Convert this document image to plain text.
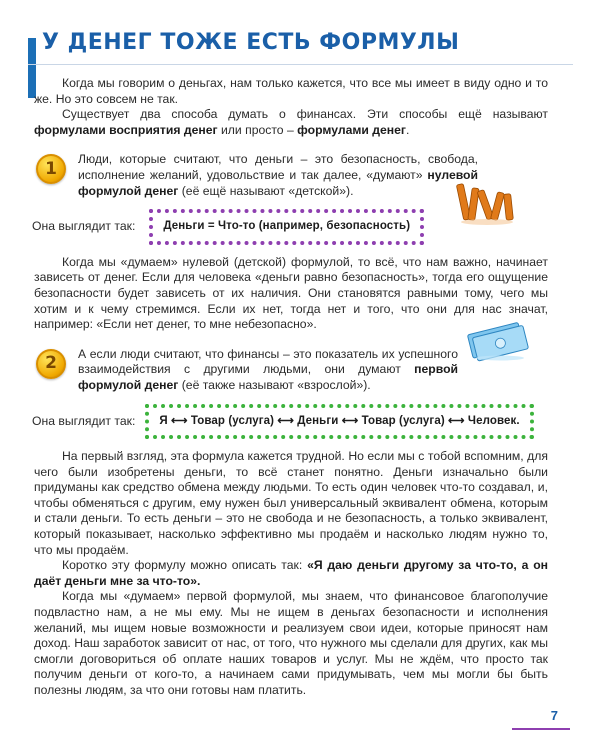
У ДЕНЕГ ТОЖЕ ЕСТЬ ФОРМУЛЫ

Когда мы говорим о деньгах, нам только кажется, что все мы имеет в виду одно и то же. Но это совсем не так.

Существует два способа думать о финансах. Эти способы ещё называют формулами восприятия денег или просто – формулами денег.

1	Люди, которые считают, что деньги – это безопасность, свобода, исполнение желаний, удовольствие и так далее, «думают» нулевой формулой денег (её ещё называют «детской»).

Она выглядит так:	Деньги = Что-то (например, безопасность)

Когда мы «думаем» нулевой (детской) формулой, то всё, что нам важно, начинает зависеть от денег. Если для человека «деньги равно безопасность», тогда его ощущение безопасности будет зависеть от их наличия. Они становятся равными тому, чего мы хотим и к чему стремимся. Если их нет, тогда нет и того, что они для нас значат, например: «Если нет денег, то мне небезопасно».

2	А если люди считают, что финансы – это показатель их успешного взаимодействия с другими людьми, они думают первой формулой денег (её также называют «взрослой»).

Она выглядит так:	Я ⟷ Товар (услуга) ⟷ Деньги ⟷ Товар (услуга) ⟷ Человек.

На первый взгляд, эта формула кажется трудной. Но если мы с тобой вспомним, для чего были изобретены деньги, то всё станет понятно. Деньги изначально были придуманы как средство обмена между людьми. То есть один человек что-то создавал, и, чтобы обменяться с другим, ему нужен был универсальный эквивалент обмена, которым и стали деньги. То есть деньги – это не свобода и не безопасность, а только эквивалент, который показывает, насколько эффективно мы продаём и насколько людям нужно то, что мы продаём.

Коротко эту формулу можно описать так: «Я даю деньги другому за что-то, а он даёт деньги мне за что-то».

Когда мы «думаем» первой формулой, мы знаем, что финансовое благополучие подвластно нам, а не мы ему. Мы не ищем в деньгах безопасности и исполнения желаний, мы ищем новые возможности и реализуем свои идеи, которые приносят нам доход. Наш заработок зависит от нас, от того, что нужного мы сделали для других, как мы смогли договориться об оплате наших товаров и услуг. Мы не ждём, что просто так получим деньги от кого-то, а начинаем сами придумывать, чем мы могли бы быть полезны людям, за что они готовы нам платить.

7
